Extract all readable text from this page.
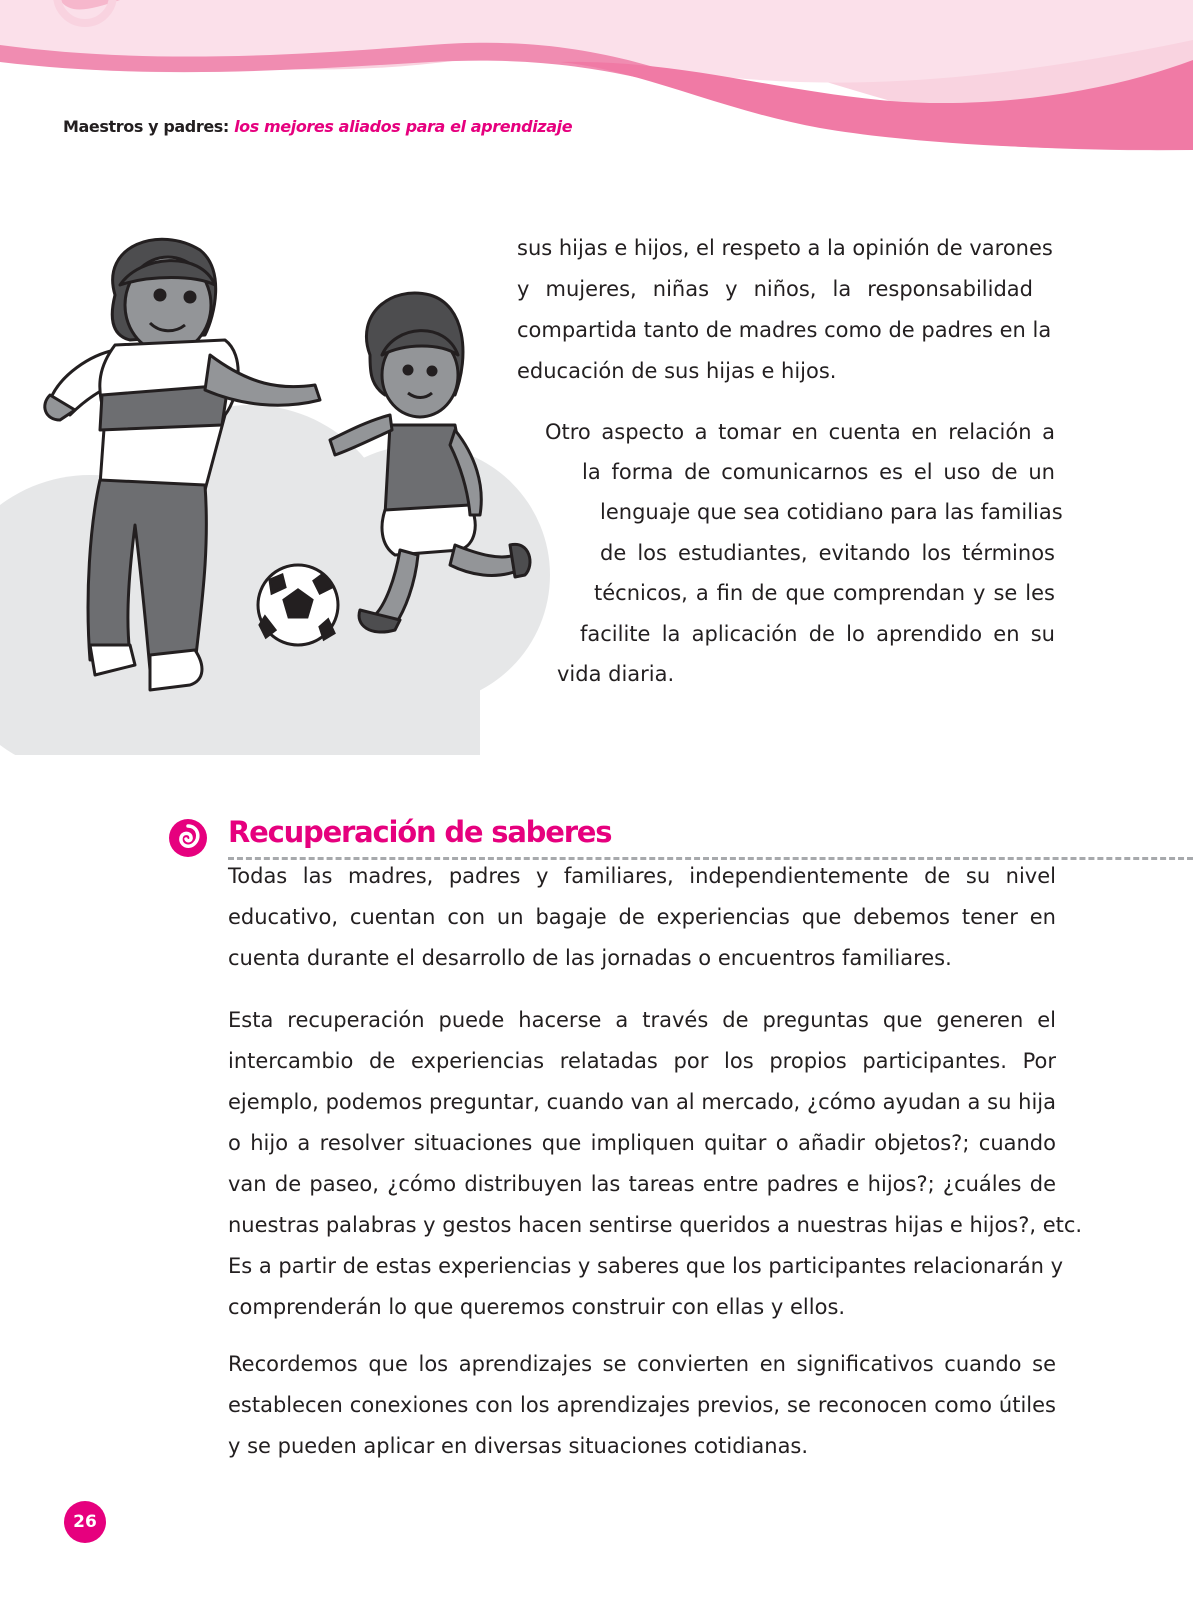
Maestros y padres: los mejores aliados para el aprendizaje
sus hijas e hijos, el respeto a la opinión de varones
y mujeres, niñas y niños, la responsabilidad
compartida tanto de madres como de padres en la
educación de sus hijas e hijos.
Otro aspecto a tomar en cuenta en relación a
la forma de comunicarnos es el uso de un
lenguaje que sea cotidiano para las familias
de los estudiantes, evitando los términos
técnicos, a fin de que comprendan y se les
facilite la aplicación de lo aprendido en su
vida diaria.
Recuperación de saberes
Todas las madres, padres y familiares, independientemente de su nivel
educativo, cuentan con un bagaje de experiencias que debemos tener en
cuenta durante el desarrollo de las jornadas o encuentros familiares.
Esta recuperación puede hacerse a través de preguntas que generen el
intercambio de experiencias relatadas por los propios participantes. Por
ejemplo, podemos preguntar, cuando van al mercado, ¿cómo ayudan a su hija
o hijo a resolver situaciones que impliquen quitar o añadir objetos?; cuando
van de paseo, ¿cómo distribuyen las tareas entre padres e hijos?; ¿cuáles de
nuestras palabras y gestos hacen sentirse queridos a nuestras hijas e hijos?, etc.
Es a partir de estas experiencias y saberes que los participantes relacionarán y
comprenderán lo que queremos construir con ellas y ellos.
Recordemos que los aprendizajes se convierten en significativos cuando se
establecen conexiones con los aprendizajes previos, se reconocen como útiles
y se pueden aplicar en diversas situaciones cotidianas.
26
